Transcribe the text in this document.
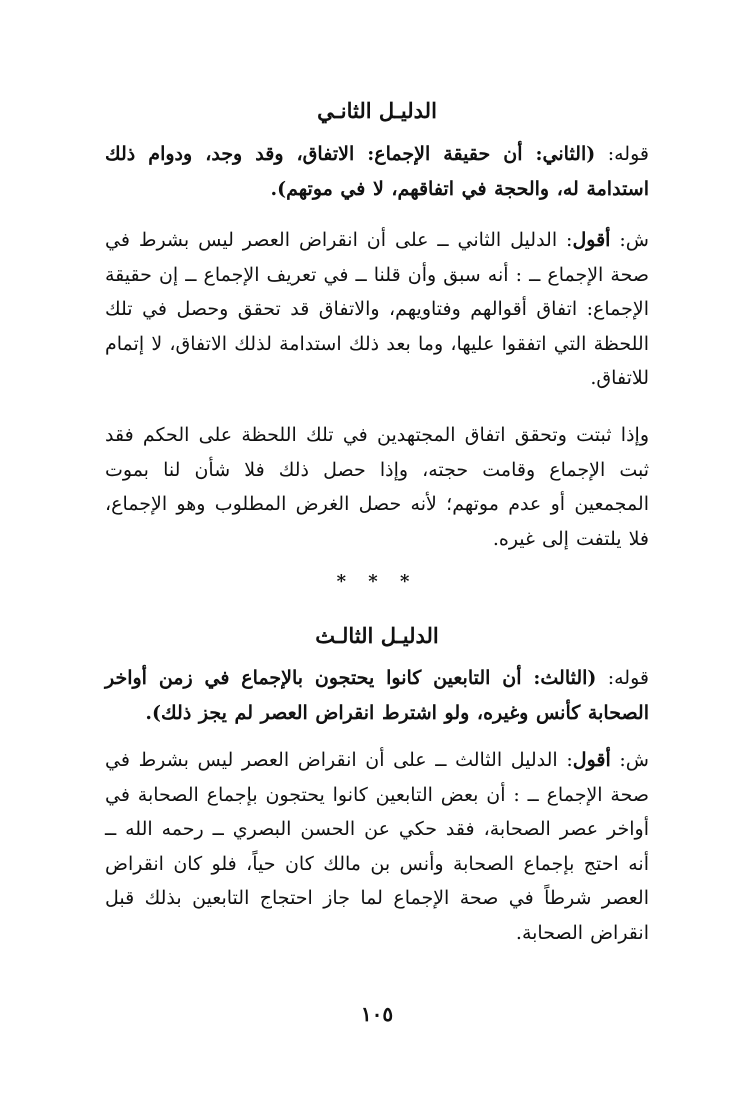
الدليـل الثانـي
قوله: (الثاني: أن حقيقة الإجماع: الاتفاق، وقد وجد، ودوام ذلك استدامة له، والحجة في اتفاقهم، لا في موتهم).
ش: أقول: الدليل الثاني ــ على أن انقراض العصر ليس بشرط في صحة الإجماع ــ : أنه سبق وأن قلنا ــ في تعريف الإجماع ــ إن حقيقة الإجماع: اتفاق أقوالهم وفتاويهم، والاتفاق قد تحقق وحصل في تلك اللحظة التي اتفقوا عليها، وما بعد ذلك استدامة لذلك الاتفاق، لا إتمام للاتفاق.
وإذا ثبتت وتحقق اتفاق المجتهدين في تلك اللحظة على الحكم فقد ثبت الإجماع وقامت حجته، وإذا حصل ذلك فلا شأن لنا بموت المجمعين أو عدم موتهم؛ لأنه حصل الغرض المطلوب وهو الإجماع، فلا يلتفت إلى غيره.
* * *
الدليـل الثالـث
قوله: (الثالث: أن التابعين كانوا يحتجون بالإجماع في زمن أواخر الصحابة كأنس وغيره، ولو اشترط انقراض العصر لم يجز ذلك).
ش: أقول: الدليل الثالث ــ على أن انقراض العصر ليس بشرط في صحة الإجماع ــ : أن بعض التابعين كانوا يحتجون بإجماع الصحابة في أواخر عصر الصحابة، فقد حكي عن الحسن البصري ــ رحمه الله ــ أنه احتج بإجماع الصحابة وأنس بن مالك كان حياً، فلو كان انقراض العصر شرطاً في صحة الإجماع لما جاز احتجاج التابعين بذلك قبل انقراض الصحابة.
١٠٥
